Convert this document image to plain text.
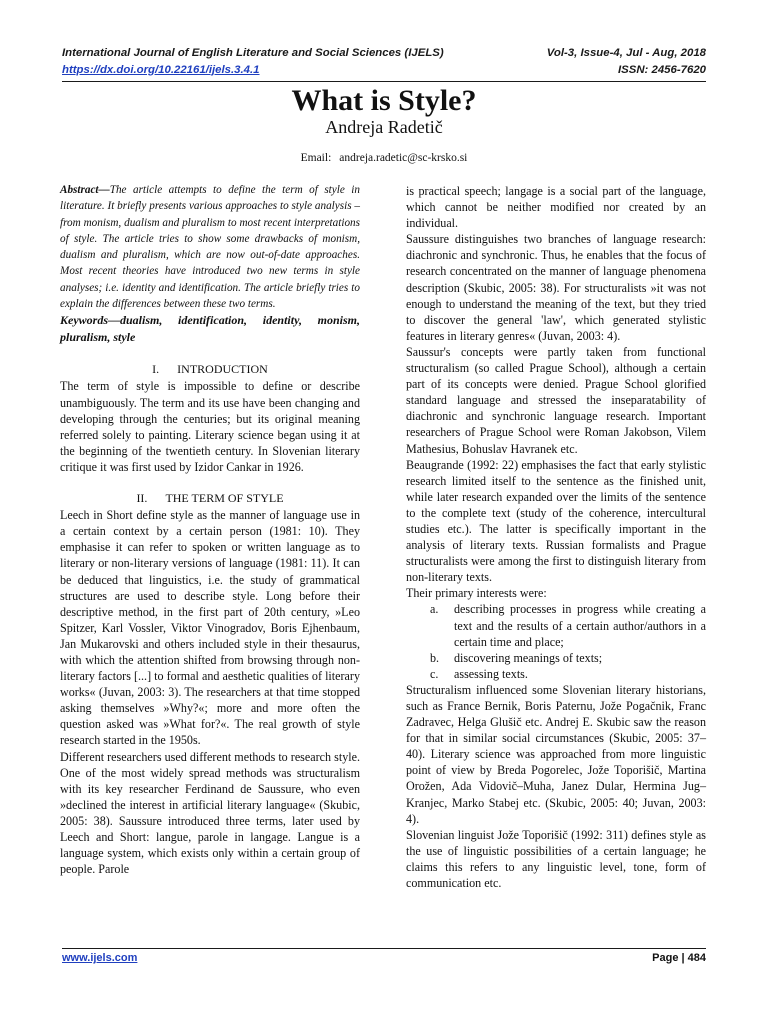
International Journal of English Literature and Social Sciences (IJELS)	Vol-3, Issue-4, Jul - Aug, 2018
https://dx.doi.org/10.22161/ijels.3.4.1	ISSN: 2456-7620
What is Style?
Andreja Radetič
Email: andreja.radetic@sc-krsko.si

Abstract—The article attempts to define the term of style in literature. It briefly presents various approaches to style analysis – from monism, dualism and pluralism to most recent interpretations of style. The article tries to show some drawbacks of monism, dualism and pluralism, which are now out-of-date approaches. Most recent theories have introduced two new terms in style analyses; i.e. identity and identification. The article briefly tries to explain the differences between these two terms.

Keywords—dualism, identification, identity, monism, pluralism, style

I. INTRODUCTION

The term of style is impossible to define or describe unambiguously. The term and its use have been changing and developing through the centuries; but its original meaning referred solely to painting. Literary science began using it at the beginning of the twentieth century. In Slovenian literary critique it was first used by Izidor Cankar in 1926.

II. THE TERM OF STYLE

Leech in Short define style as the manner of language use in a certain context by a certain person (1981: 10). They emphasise it can refer to spoken or written language as to literary or non-literary versions of language (1981: 11). It can be deduced that linguistics, i.e. the study of grammatical structures are used to describe style. Long before their descriptive method, in the first part of 20th century, »Leo Spitzer, Karl Vossler, Viktor Vinogradov, Boris Ejhenbaum, Jan Mukarovski and others included style in their thesaurus, with which the attention shifted from browsing through non-literary factors [...] to formal and aesthetic qualities of literary works« (Juvan, 2003: 3). The researchers at that time stopped asking themselves »Why?«; more and more often the question asked was »What for?«. The real growth of style research started in the 1950s.

Different researchers used different methods to research style. One of the most widely spread methods was structuralism with its key researcher Ferdinand de Saussure, who even »declined the interest in artificial literary language« (Skubic, 2005: 38). Saussure introduced three terms, later used by Leech and Short: langue, parole in langage. Langue is a language system, which exists only within a certain group of people. Parole

is practical speech; langage is a social part of the language, which cannot be neither modified nor created by an individual.

Saussure distinguishes two branches of language research: diachronic and synchronic. Thus, he enables that the focus of research concentrated on the manner of language phenomena description (Skubic, 2005: 38). For structuralists »it was not enough to understand the meaning of the text, but they tried to discover the general 'law', which generated stylistic features in literary genres« (Juvan, 2003: 4).

Saussur's concepts were partly taken from functional structuralism (so called Prague School), although a certain part of its concepts were denied. Prague School glorified standard language and stressed the inseparatability of diachronic and synchronic language research. Important researchers of Prague School were Roman Jakobson, Vilem Mathesius, Bohuslav Havranek etc.

Beaugrande (1992: 22) emphasises the fact that early stylistic research limited itself to the sentence as the finished unit, while later research expanded over the limits of the sentence to the complete text (study of the coherence, intercultural studies etc.). The latter is specifically important in the analysis of literary texts. Russian formalists and Prague structuralists were among the first to distinguish literary from non-literary texts.

Their primary interests were:

a.	describing processes in progress while creating a text and the results of a certain author/authors in a certain time and place;
b.	discovering meanings of texts;
c.	assessing texts.

Structuralism influenced some Slovenian literary historians, such as France Bernik, Boris Paternu, Jože Pogačnik, Franc Zadravec, Helga Glušič etc. Andrej E. Skubic saw the reason for that in similar social circumstances (Skubic, 2005: 37–40). Literary science was approached from more linguistic point of view by Breda Pogorelec, Jože Toporišič, Martina Orožen, Ada Vidovič–Muha, Janez Dular, Hermina Jug–Kranjec, Marko Stabej etc. (Skubic, 2005: 40; Juvan, 2003: 4).

Slovenian linguist Jože Toporišič (1992: 311) defines style as the use of linguistic possibilities of a certain language; he claims this refers to any linguistic level, tone, form of communication etc.

www.ijels.com	Page | 484
